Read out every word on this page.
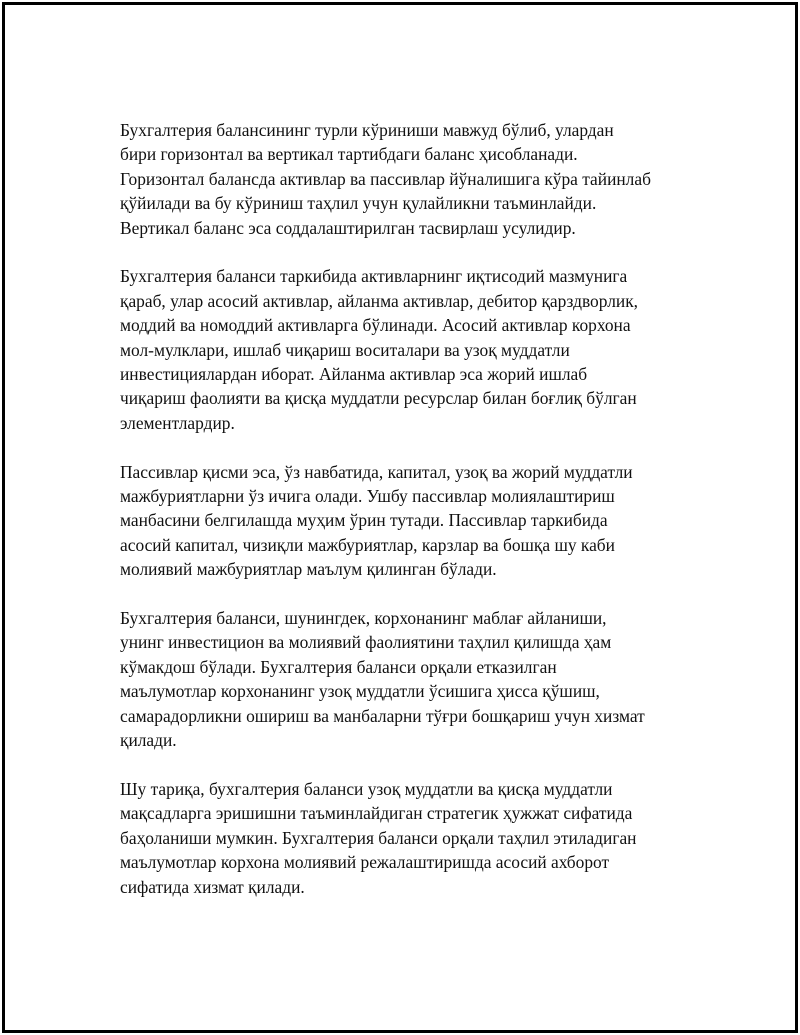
Бухгалтерия балансининг турли кўриниши мавжуд бўлиб, улардан
бири горизонтал ва вертикал тартибдаги баланс ҳисобланади.
Горизонтал балансда активлар ва пассивлар йўналишига кўра тайинлаб
қўйилади ва бу кўриниш таҳлил учун қулайликни таъминлайди.
Вертикал баланс эса соддалаштирилган тасвирлаш усулидир.

Бухгалтерия баланси таркибида активларнинг иқтисодий мазмунига
қараб, улар асосий активлар, айланма активлар, дебитор қарздворлик,
моддий ва номоддий активларга бўлинади. Асосий активлар корхона
мол-мулклари, ишлаб чиқариш воситалари ва узоқ муддатли
инвестициялардан иборат. Айланма активлар эса жорий ишлаб
чиқариш фаолияти ва қисқа муддатли ресурслар билан боғлиқ бўлган
элементлардир.

Пассивлар қисми эса, ўз навбатида, капитал, узоқ ва жорий муддатли
мажбуриятларни ўз ичига олади. Ушбу пассивлар молиялаштириш
манбасини белгилашда муҳим ўрин тутади. Пассивлар таркибида
асосий капитал, чизиқли мажбуриятлар, карзлар ва бошқа шу каби
молиявий мажбуриятлар маълум қилинган бўлади.

Бухгалтерия баланси, шунингдек, корхонанинг маблағ айланиши,
унинг инвестицион ва молиявий фаолиятини таҳлил қилишда ҳам
кўмакдош бўлади. Бухгалтерия баланси орқали етказилган
маълумотлар корхонанинг узоқ муддатли ўсишига ҳисса қўшиш,
самарадорликни ошириш ва манбаларни тўғри бошқариш учун хизмат
қилади.

Шу тариқа, бухгалтерия баланси узоқ муддатли ва қисқа муддатли
мақсадларга эришишни таъминлайдиган стратегик ҳужжат сифатида
баҳоланиши мумкин. Бухгалтерия баланси орқали таҳлил этиладиган
маълумотлар корхона молиявий режалаштиришда асосий ахборот
сифатида хизмат қилади.
